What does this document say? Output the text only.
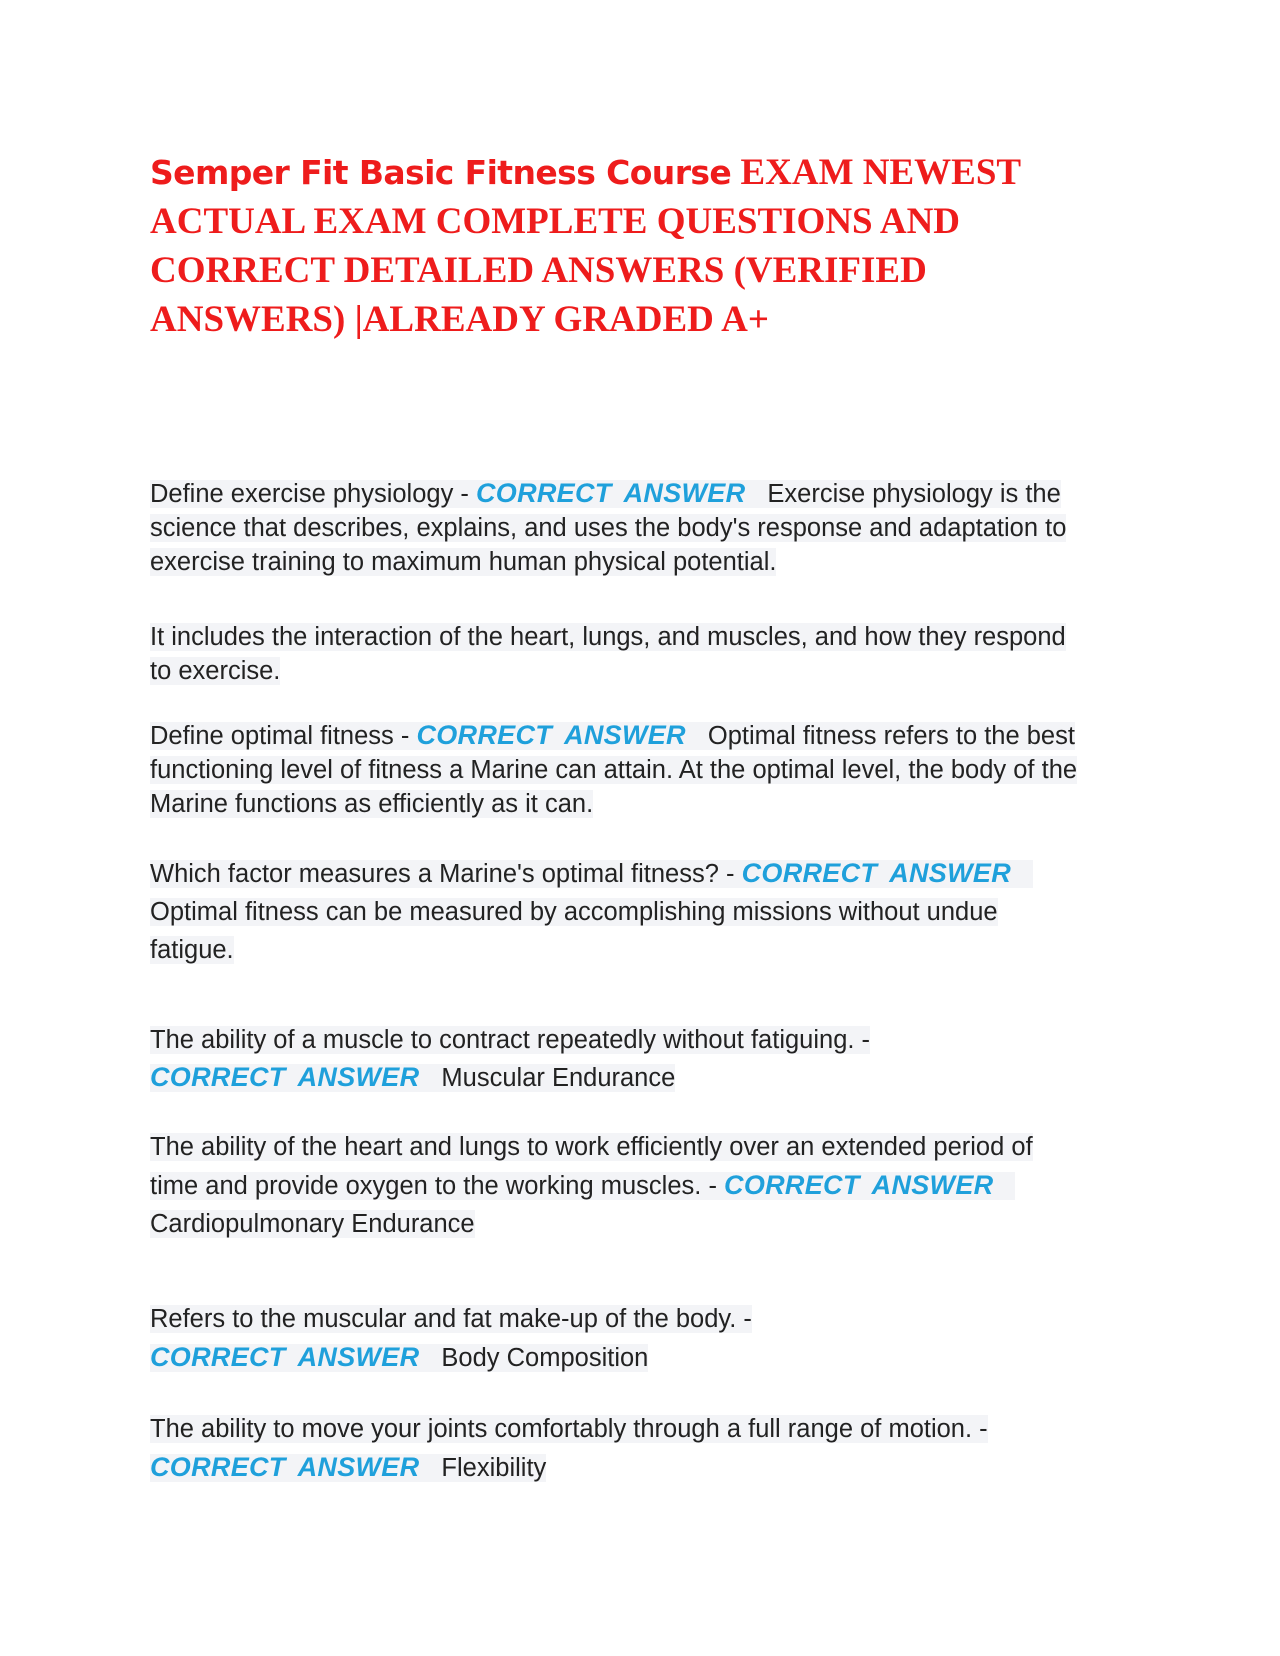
Semper Fit Basic Fitness Course EXAM NEWEST ACTUAL EXAM COMPLETE QUESTIONS AND CORRECT DETAILED ANSWERS (VERIFIED ANSWERS) |ALREADY GRADED A+

Define exercise physiology - CORRECT ANSWER Exercise physiology is the science that describes, explains, and uses the body's response and adaptation to exercise training to maximum human physical potential.

It includes the interaction of the heart, lungs, and muscles, and how they respond to exercise.

Define optimal fitness - CORRECT ANSWER Optimal fitness refers to the best functioning level of fitness a Marine can attain. At the optimal level, the body of the Marine functions as efficiently as it can.

Which factor measures a Marine's optimal fitness? - CORRECT ANSWEROptimal fitness can be measured by accomplishing missions without undue fatigue.

The ability of a muscle to contract repeatedly without fatiguing. - CORRECT ANSWER Muscular Endurance

The ability of the heart and lungs to work efficiently over an extended period of time and provide oxygen to the working muscles. - CORRECT ANSWERCardiopulmonary Endurance

Refers to the muscular and fat make-up of the body. - CORRECT ANSWER Body Composition

The ability to move your joints comfortably through a full range of motion. - CORRECT ANSWER Flexibility
